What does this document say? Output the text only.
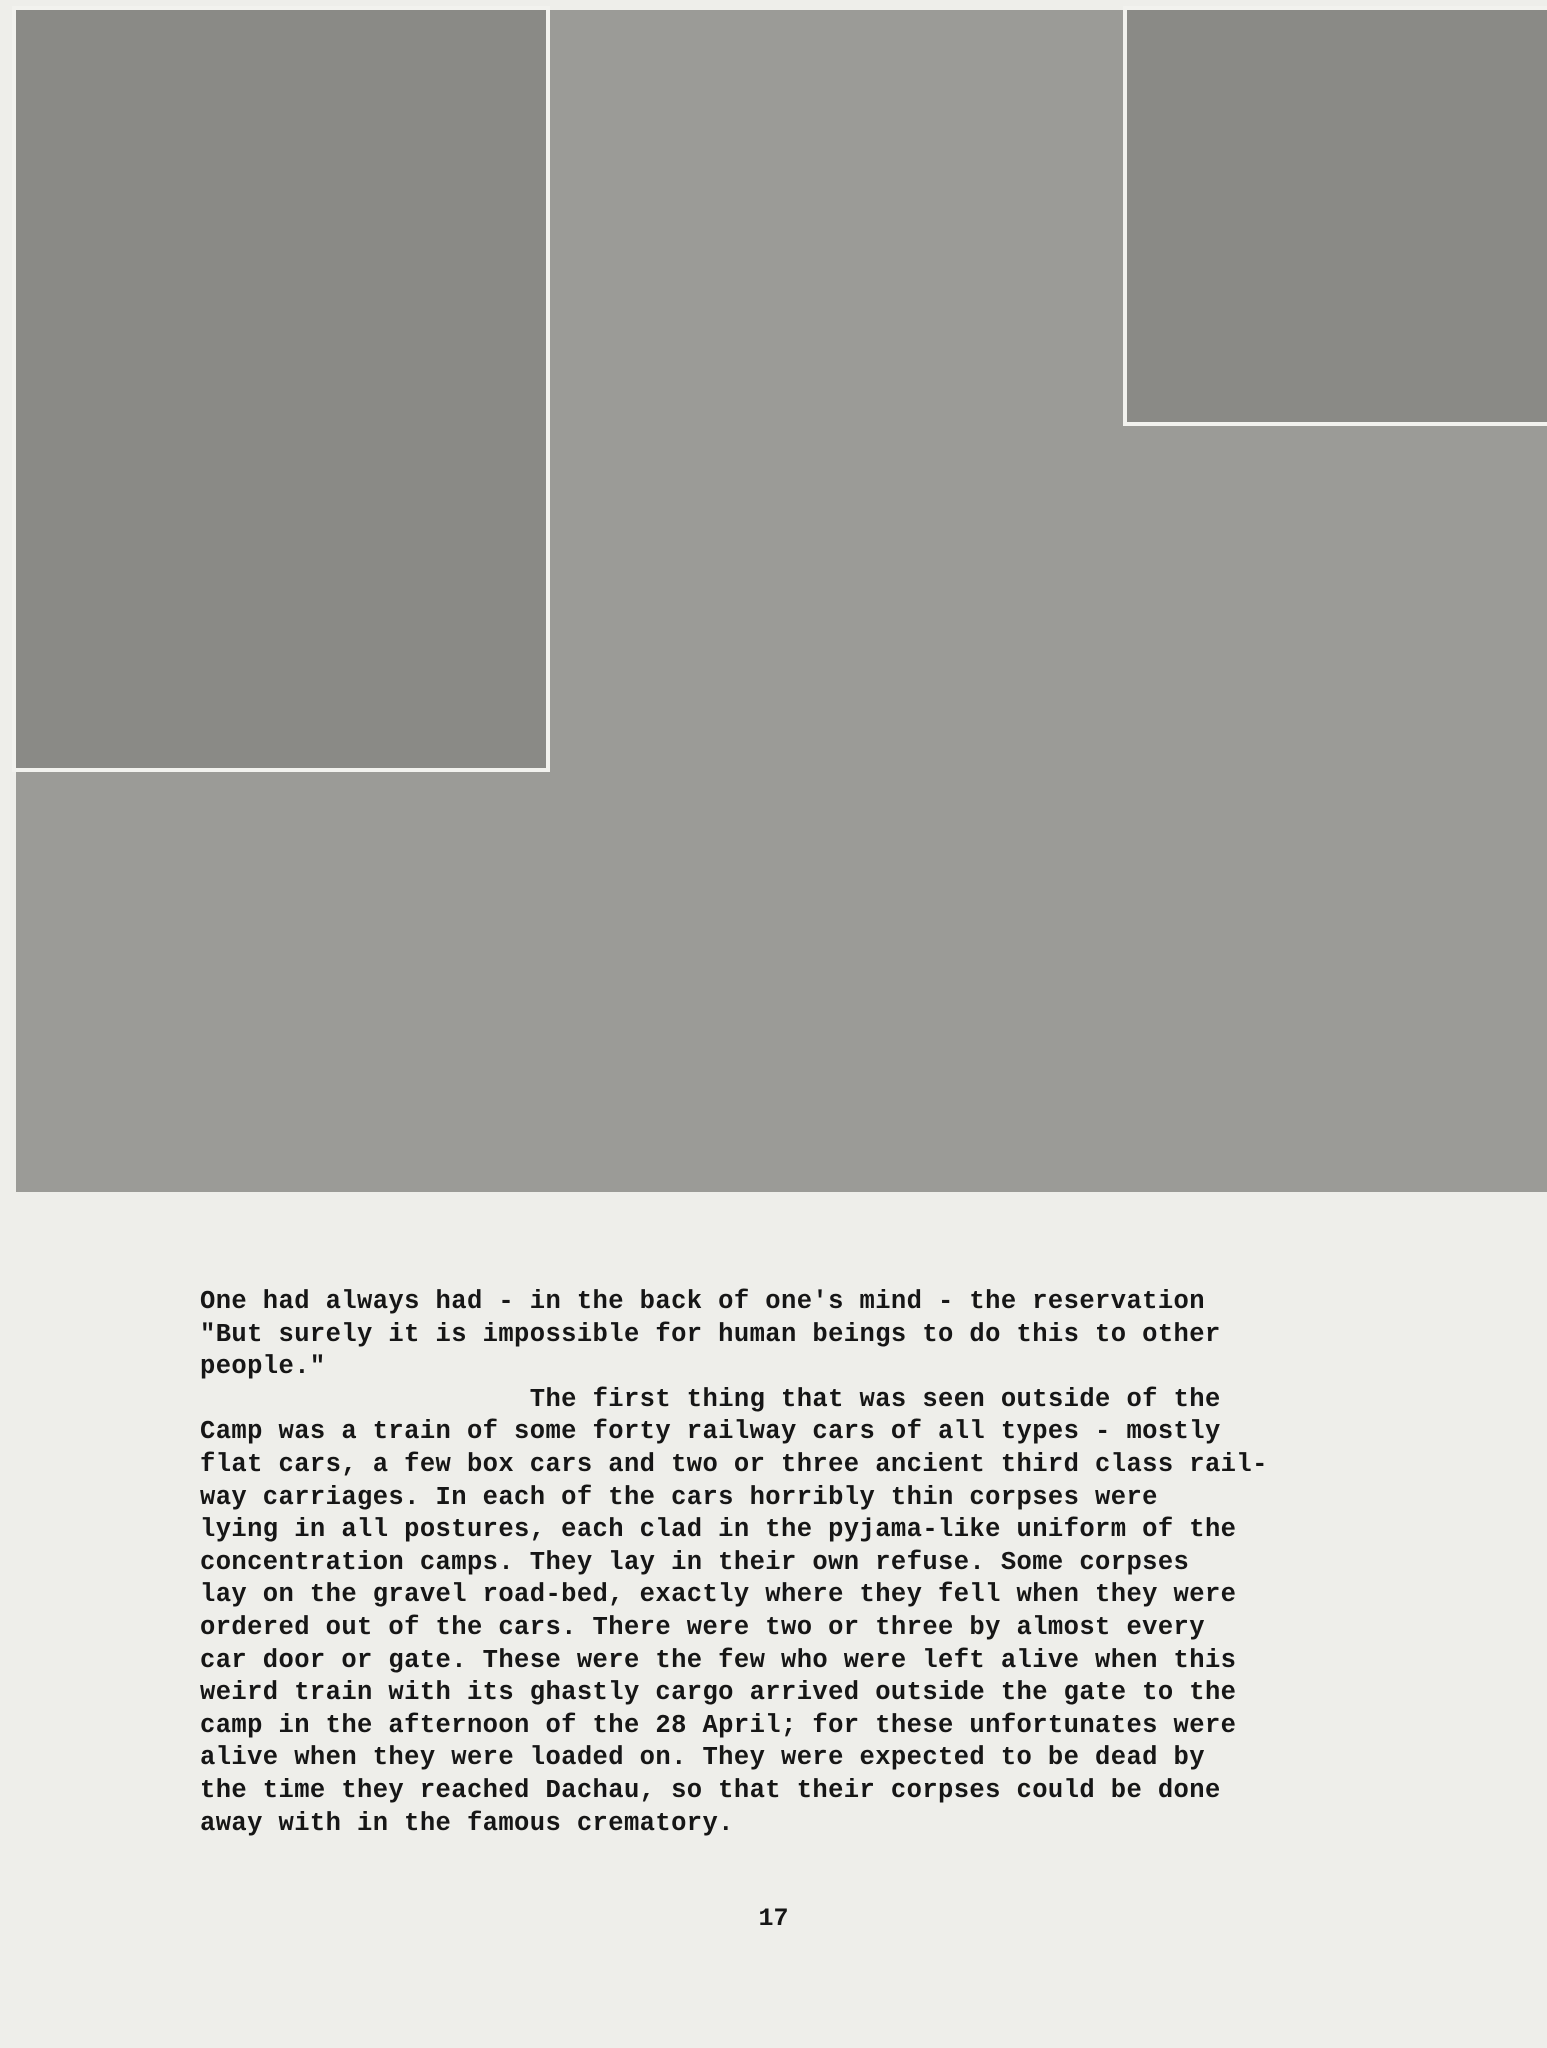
One had always had - in the back of one's mind - the reservation
"But surely it is impossible for human beings to do this to other
people."

The first thing that was seen outside of the
Camp was a train of some forty railway cars of all types - mostly
flat cars, a few box cars and two or three ancient third class rail-
way carriages. In each of the cars horribly thin corpses were
lying in all postures, each clad in the pyjama-like uniform of the
concentration camps. They lay in their own refuse. Some corpses
lay on the gravel road-bed, exactly where they fell when they were
ordered out of the cars. There were two or three by almost every
car door or gate. These were the few who were left alive when this
weird train with its ghastly cargo arrived outside the gate to the
camp in the afternoon of the 28 April; for these unfortunates were
alive when they were loaded on. They were expected to be dead by
the time they reached Dachau, so that their corpses could be done
away with in the famous crematory.

17
